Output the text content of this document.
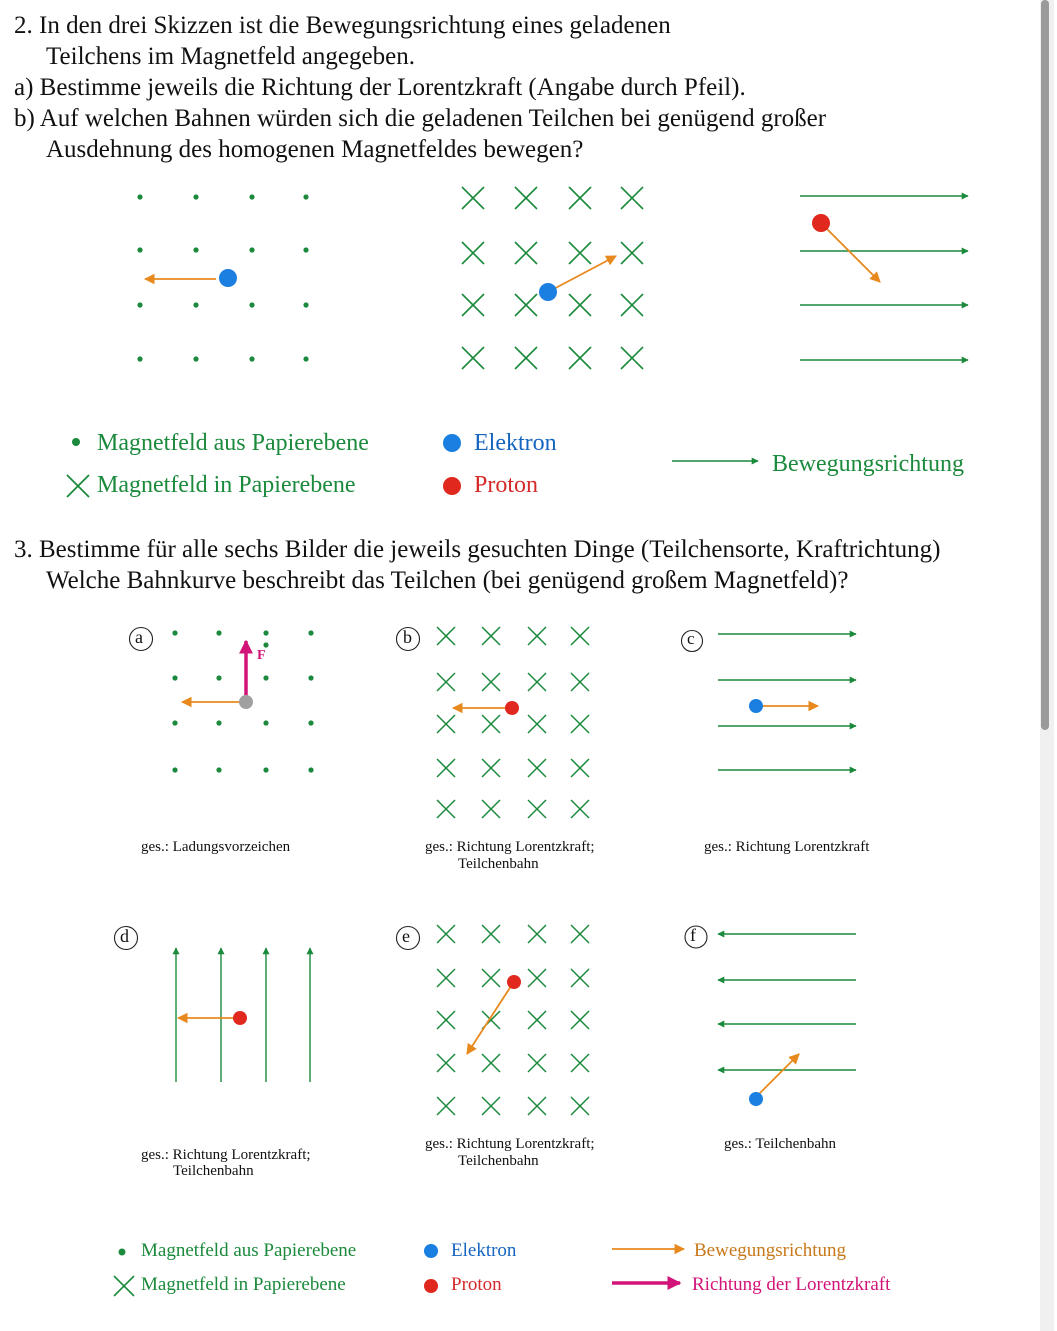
2. In den drei Skizzen ist die Bewegungsrichtung eines geladenen
Teilchens im Magnetfeld angegeben.
a) Bestimme jeweils die Richtung der Lorentzkraft (Angabe durch Pfeil).
b) Auf welchen Bahnen würden sich die geladenen Teilchen bei genügend großer
Ausdehnung des homogenen Magnetfeldes bewegen?
3. Bestimme für alle sechs Bilder die jeweils gesuchten Dinge (Teilchensorte, Kraftrichtung)
Welche Bahnkurve beschreibt das Teilchen (bei genügend großem Magnetfeld)?
F
a	b	c
d	e	f
Magnetfeld aus Papierebene
Magnetfeld in Papierebene
Elektron
Proton
Bewegungsrichtung
ges.: Ladungsvorzeichen	ges.: Richtung Lorentzkraft;
Teilchenbahn
ges.: Richtung Lorentzkraft
ges.: Richtung Lorentzkraft;
Teilchenbahn
ges.: Richtung Lorentzkraft;
Teilchenbahn
ges.: Teilchenbahn
Magnetfeld aus Papierebene
Magnetfeld in Papierebene
Elektron
Proton
Bewegungsrichtung
Richtung der Lorentzkraft
